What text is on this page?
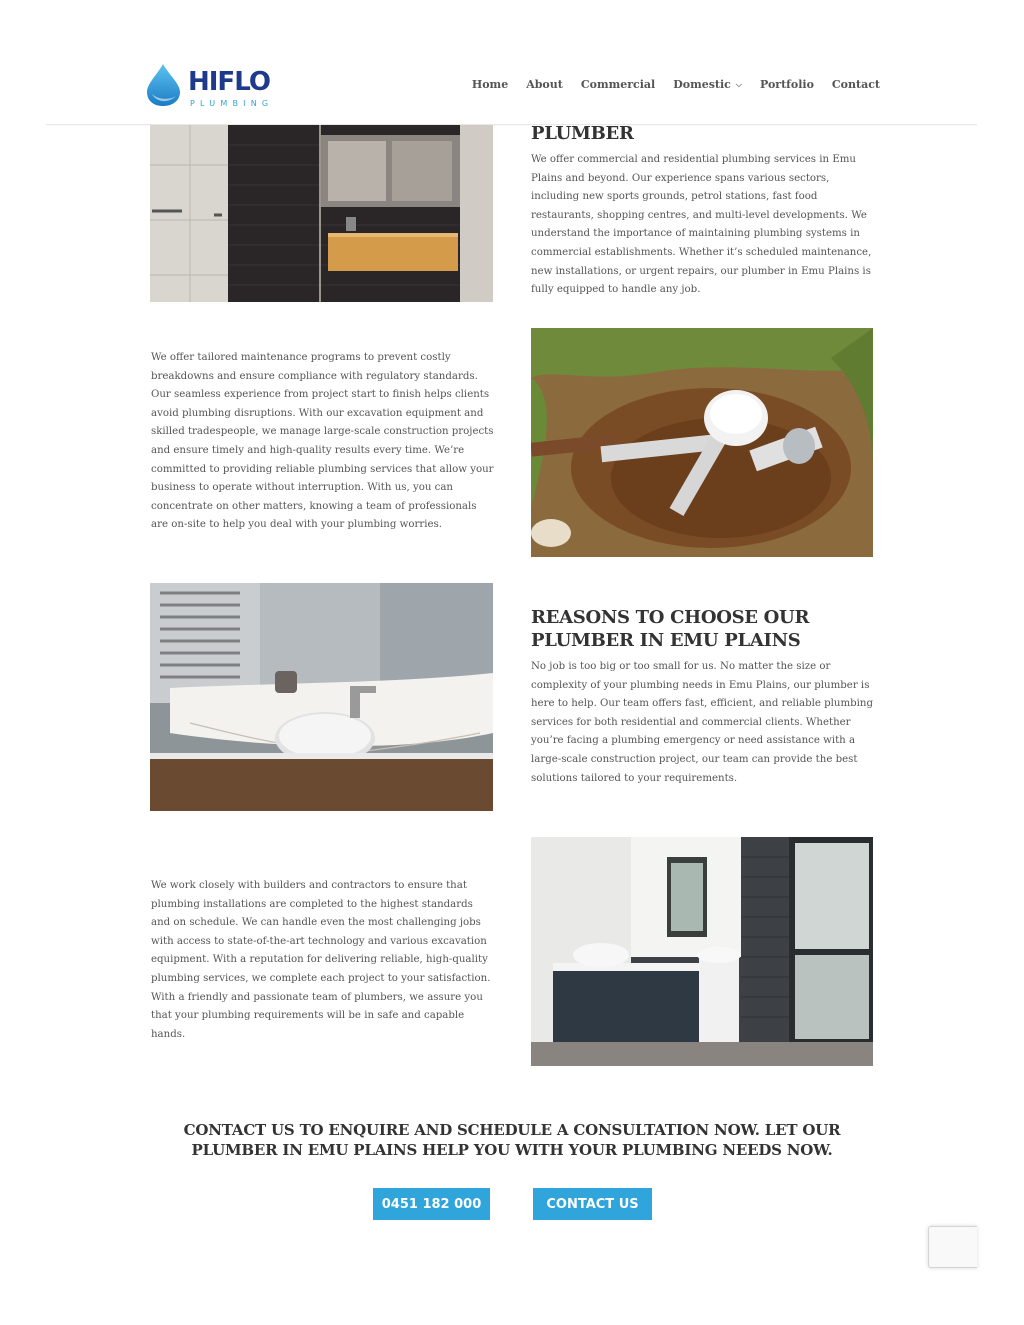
HIFLO
PLUMBING
Home About Commercial Domestic ⌵ Portfolio Contact
PLUMBER

We offer commercial and residential plumbing services in Emu Plains and beyond. Our experience spans various sectors, including new sports grounds, petrol stations, fast food restaurants, shopping centres, and multi-level developments. We understand the importance of maintaining plumbing systems in commercial establishments. Whether it’s scheduled maintenance, new installations, or urgent repairs, our plumber in Emu Plains is fully equipped to handle any job.

We offer tailored maintenance programs to prevent costly breakdowns and ensure compliance with regulatory standards. Our seamless experience from project start to finish helps clients avoid plumbing disruptions. With our excavation equipment and skilled tradespeople, we manage large-scale construction projects and ensure timely and high-quality results every time. We’re committed to providing reliable plumbing services that allow your business to operate without interruption. With us, you can concentrate on other matters, knowing a team of professionals are on-site to help you deal with your plumbing worries.

REASONS TO CHOOSE OUR PLUMBER IN EMU PLAINS

No job is too big or too small for us. No matter the size or complexity of your plumbing needs in Emu Plains, our plumber is here to help. Our team offers fast, efficient, and reliable plumbing services for both residential and commercial clients. Whether you’re facing a plumbing emergency or need assistance with a large-scale construction project, our team can provide the best solutions tailored to your requirements.

We work closely with builders and contractors to ensure that plumbing installations are completed to the highest standards and on schedule. We can handle even the most challenging jobs with access to state-of-the-art technology and various excavation equipment. With a reputation for delivering reliable, high-quality plumbing services, we complete each project to your satisfaction. With a friendly and passionate team of plumbers, we assure you that your plumbing requirements will be in safe and capable hands.

CONTACT US TO ENQUIRE AND SCHEDULE A CONSULTATION NOW. LET OUR PLUMBER IN EMU PLAINS HELP YOU WITH YOUR PLUMBING NEEDS NOW.
0451 182 000	CONTACT US
